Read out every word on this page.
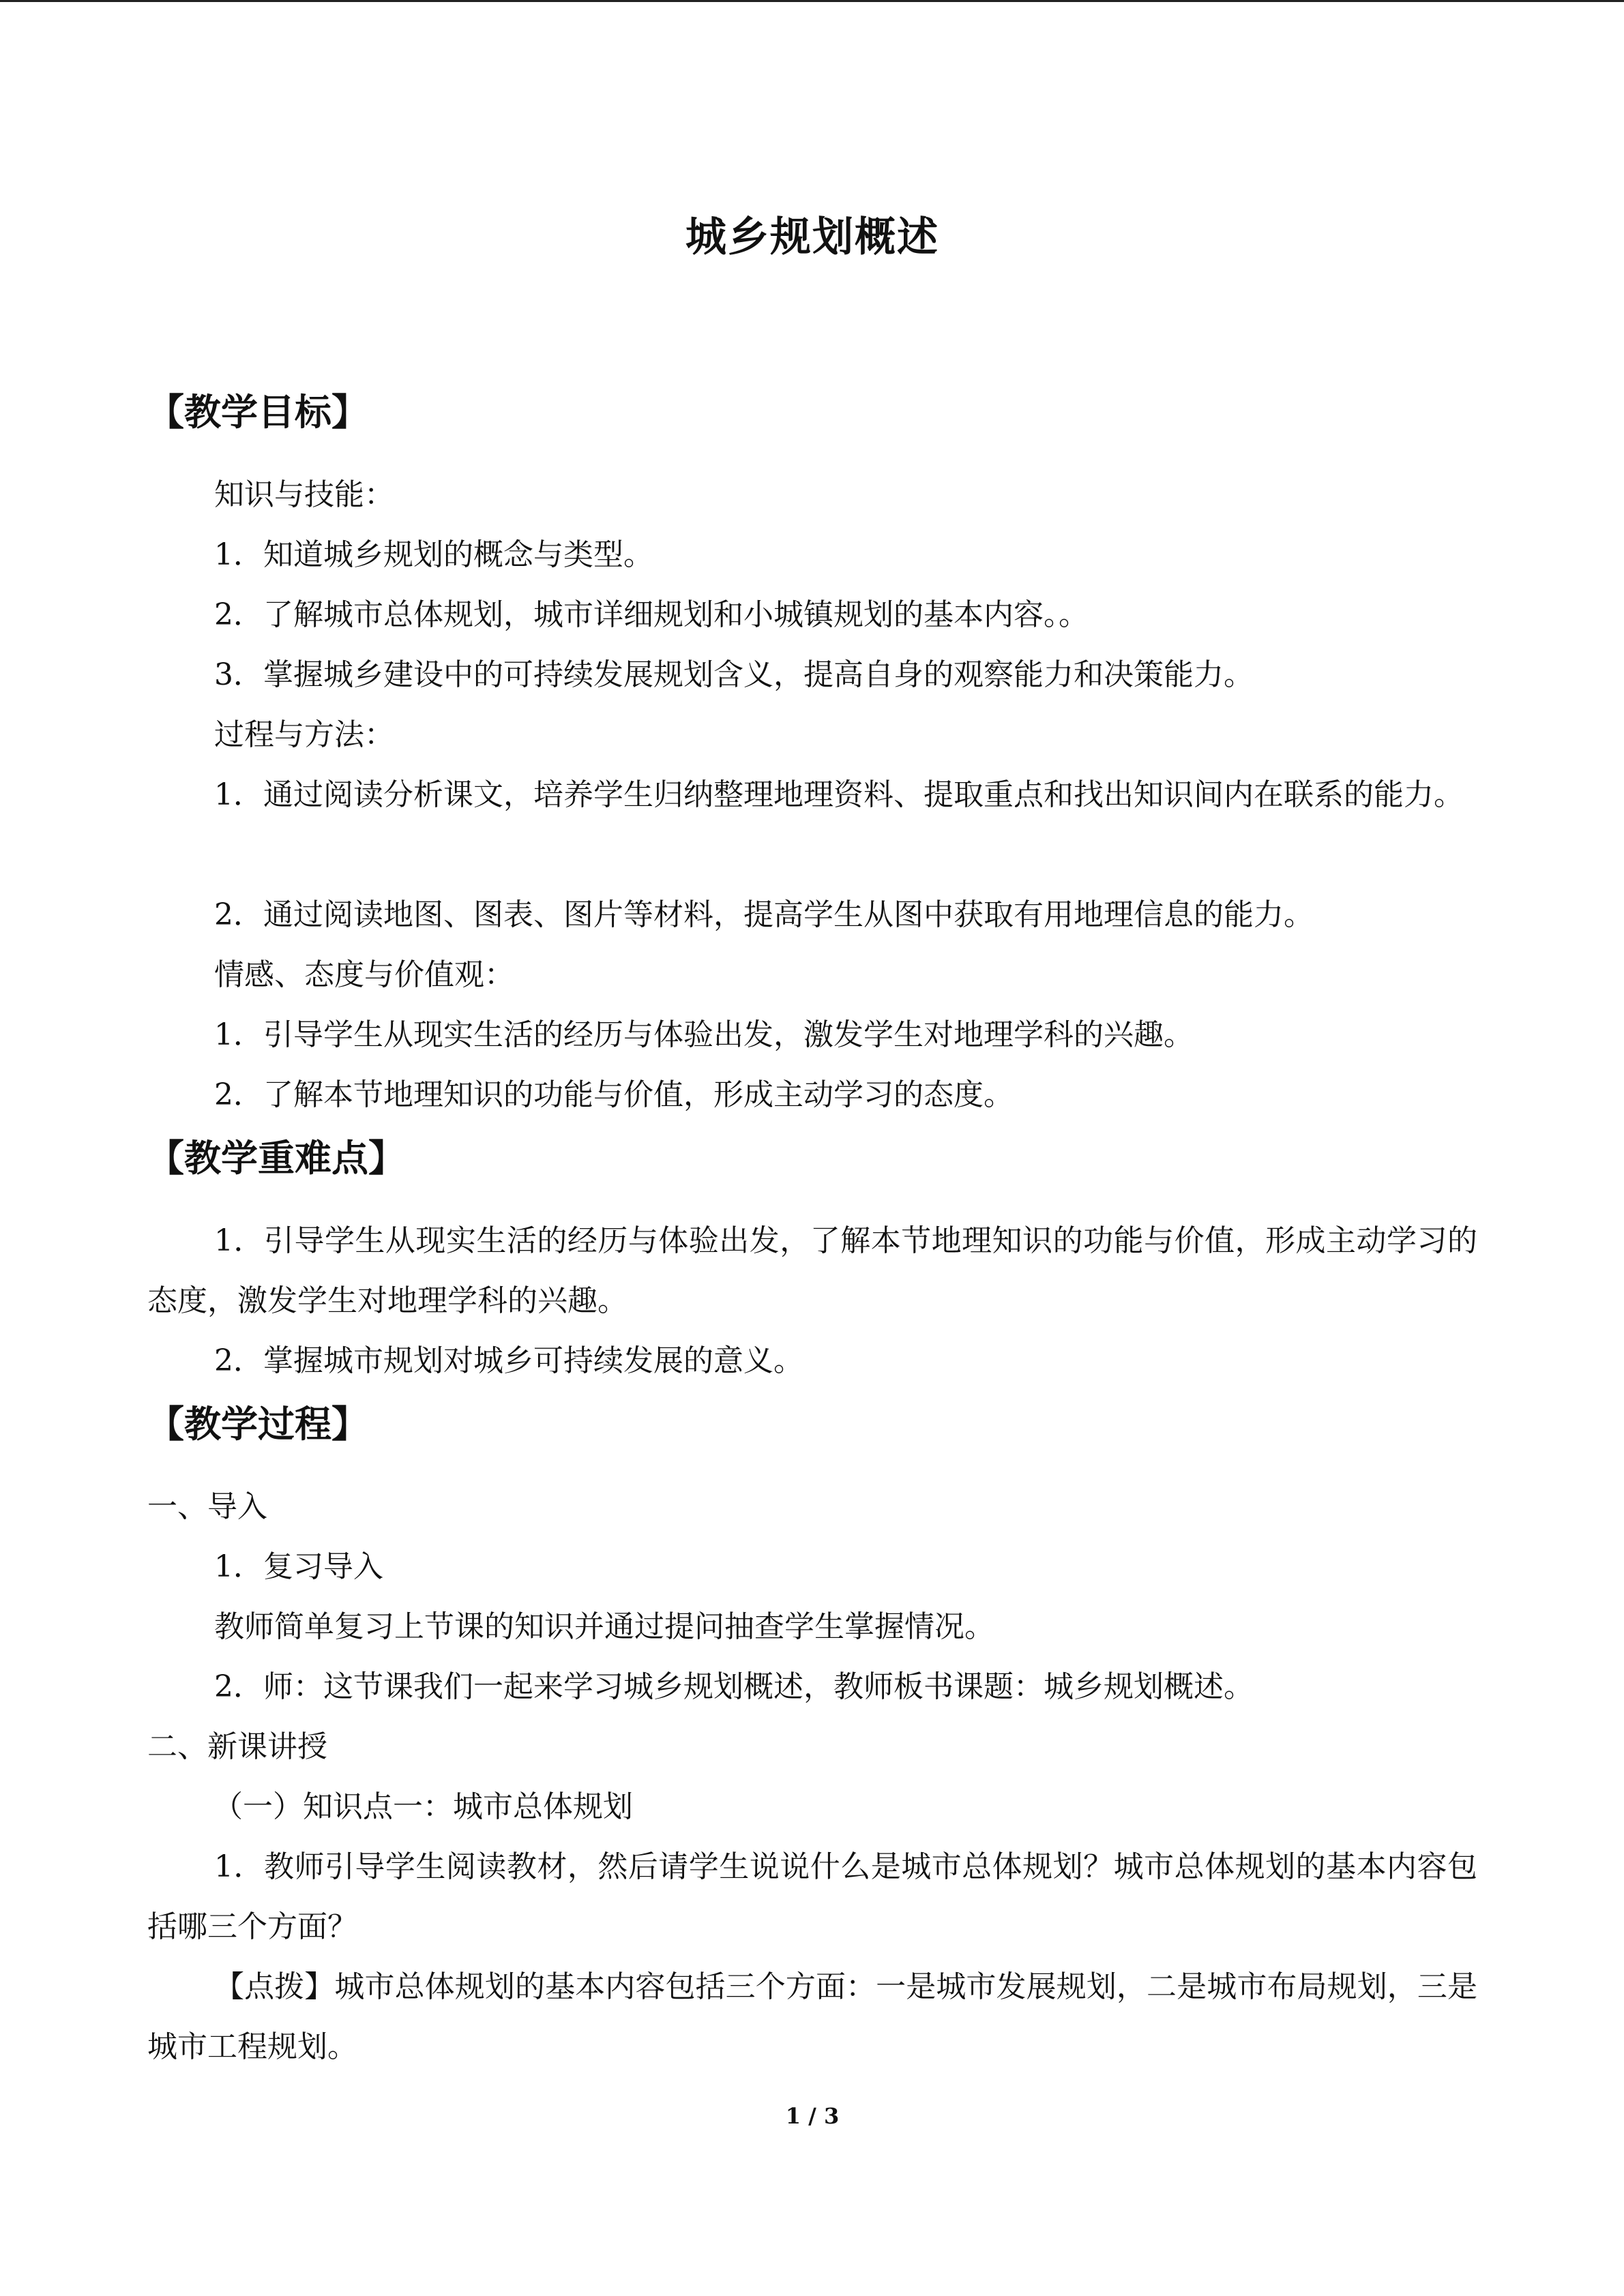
城乡规划概述
【教学目标】

知识与技能：

1．知道城乡规划的概念与类型。

2．了解城市总体规划，城市详细规划和小城镇规划的基本内容。。

3．掌握城乡建设中的可持续发展规划含义，提高自身的观察能力和决策能力。

过程与方法：

1．通过阅读分析课文，培养学生归纳整理地理资料、提取重点和找出知识间内在联系的能力。

2．通过阅读地图、图表、图片等材料，提高学生从图中获取有用地理信息的能力。

情感、态度与价值观：

1．引导学生从现实生活的经历与体验出发，激发学生对地理学科的兴趣。

2．了解本节地理知识的功能与价值，形成主动学习的态度。

【教学重难点】

1．引导学生从现实生活的经历与体验出发，了解本节地理知识的功能与价值，形成主动学习的态度，激发学生对地理学科的兴趣。

2．掌握城市规划对城乡可持续发展的意义。

【教学过程】

一、导入

1．复习导入

教师简单复习上节课的知识并通过提问抽查学生掌握情况。

2．师：这节课我们一起来学习城乡规划概述，教师板书课题：城乡规划概述。

二、新课讲授

（一）知识点一：城市总体规划

1．教师引导学生阅读教材，然后请学生说说什么是城市总体规划？城市总体规划的基本内容包括哪三个方面？

【点拨】城市总体规划的基本内容包括三个方面：一是城市发展规划，二是城市布局规划，三是城市工程规划。

1 / 3
